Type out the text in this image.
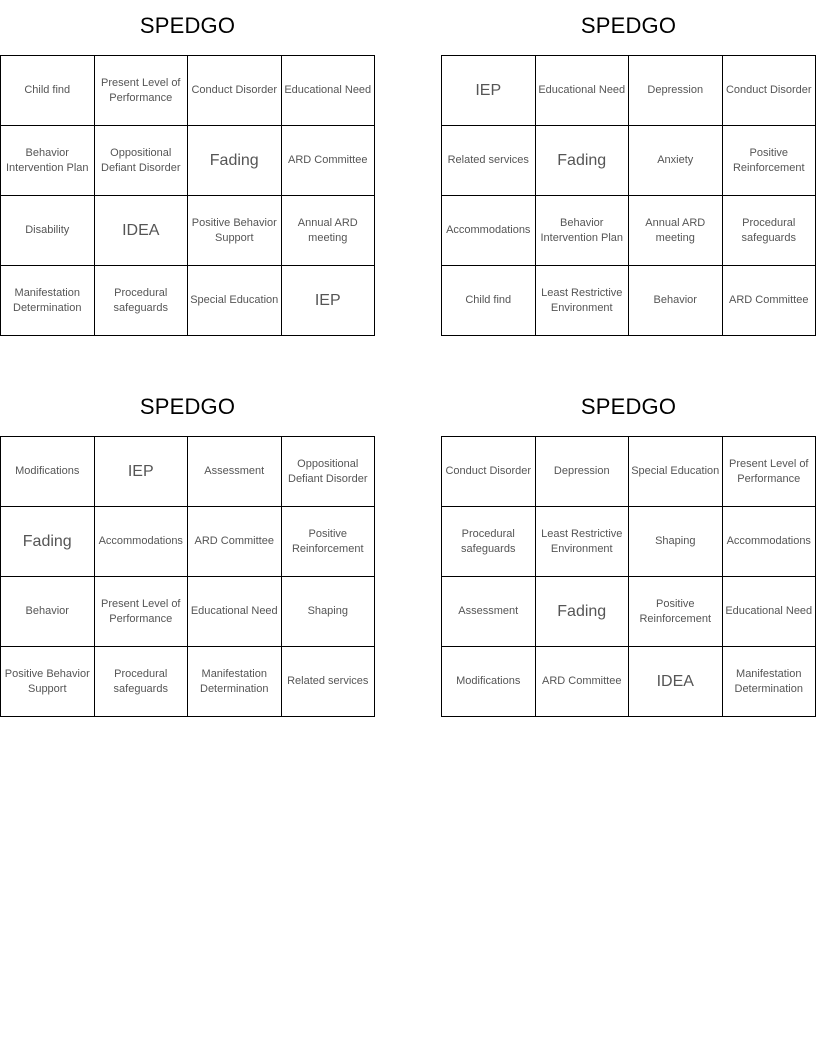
SPEDGO
Child find	Present Level of Performance	Conduct Disorder	Educational Need
Behavior Intervention Plan	Oppositional Defiant Disorder	Fading	ARD Committee
Disability	IDEA	Positive Behavior Support	Annual ARD meeting
Manifestation Determination	Procedural safeguards	Special Education	IEP
SPEDGO
IEP	Educational Need	Depression	Conduct Disorder
Related services	Fading	Anxiety	Positive Reinforcement
Accommodations	Behavior Intervention Plan	Annual ARD meeting	Procedural safeguards
Child find	Least Restrictive Environment	Behavior	ARD Committee
SPEDGO
Modifications	IEP	Assessment	Oppositional Defiant Disorder
Fading	Accommodations	ARD Committee	Positive Reinforcement
Behavior	Present Level of Performance	Educational Need	Shaping
Positive Behavior Support	Procedural safeguards	Manifestation Determination	Related services
SPEDGO
Conduct Disorder	Depression	Special Education	Present Level of Performance
Procedural safeguards	Least Restrictive Environment	Shaping	Accommodations
Assessment	Fading	Positive Reinforcement	Educational Need
Modifications	ARD Committee	IDEA	Manifestation Determination
